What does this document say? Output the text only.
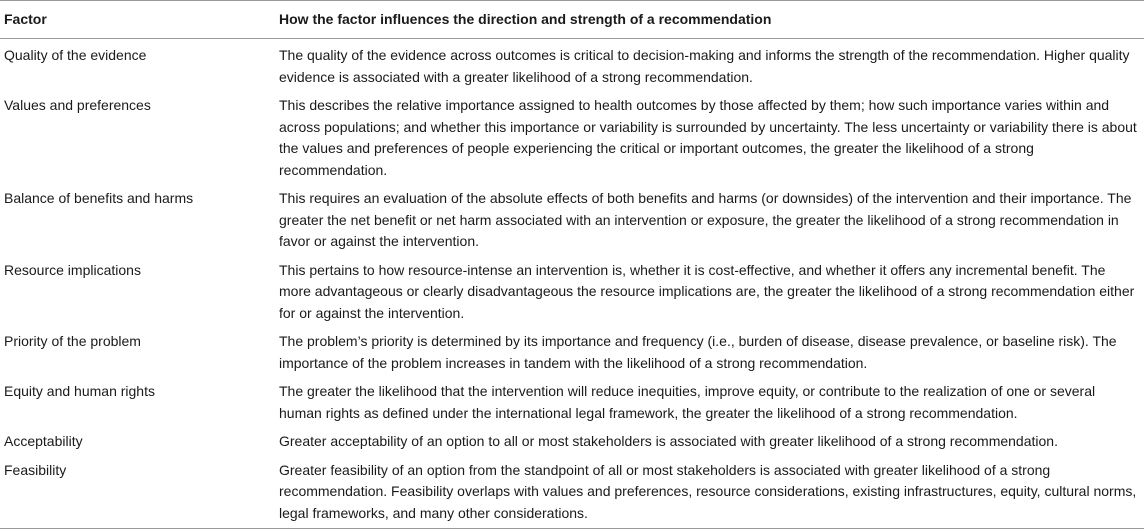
Factor	How the factor influences the direction and strength of a recommendation
Quality of the evidence	The quality of the evidence across outcomes is critical to decision-making and informs the strength of the recommendation. Higher quality evidence is associated with a greater likelihood of a strong recommendation.
Values and preferences	This describes the relative importance assigned to health outcomes by those affected by them; how such importance varies within and across populations; and whether this importance or variability is surrounded by uncertainty. The less uncertainty or variability there is about the values and preferences of people experiencing the critical or important outcomes, the greater the likelihood of a strong recommendation.
Balance of benefits and harms	This requires an evaluation of the absolute effects of both benefits and harms (or downsides) of the intervention and their importance. The greater the net benefit or net harm associated with an intervention or exposure, the greater the likelihood of a strong recommendation in favor or against the intervention.
Resource implications	This pertains to how resource-intense an intervention is, whether it is cost-effective, and whether it offers any incremental benefit. The more advantageous or clearly disadvantageous the resource implications are, the greater the likelihood of a strong recommendation either for or against the intervention.
Priority of the problem	The problem’s priority is determined by its importance and frequency (i.e., burden of disease, disease prevalence, or baseline risk). The importance of the problem increases in tandem with the likelihood of a strong recommendation.
Equity and human rights	The greater the likelihood that the intervention will reduce inequities, improve equity, or contribute to the realization of one or several human rights as defined under the international legal framework, the greater the likelihood of a strong recommendation.
Acceptability	Greater acceptability of an option to all or most stakeholders is associated with greater likelihood of a strong recommendation.
Feasibility	Greater feasibility of an option from the standpoint of all or most stakeholders is associated with greater likelihood of a strong recommendation. Feasibility overlaps with values and preferences, resource considerations, existing infrastructures, equity, cultural norms, legal frameworks, and many other considerations.
